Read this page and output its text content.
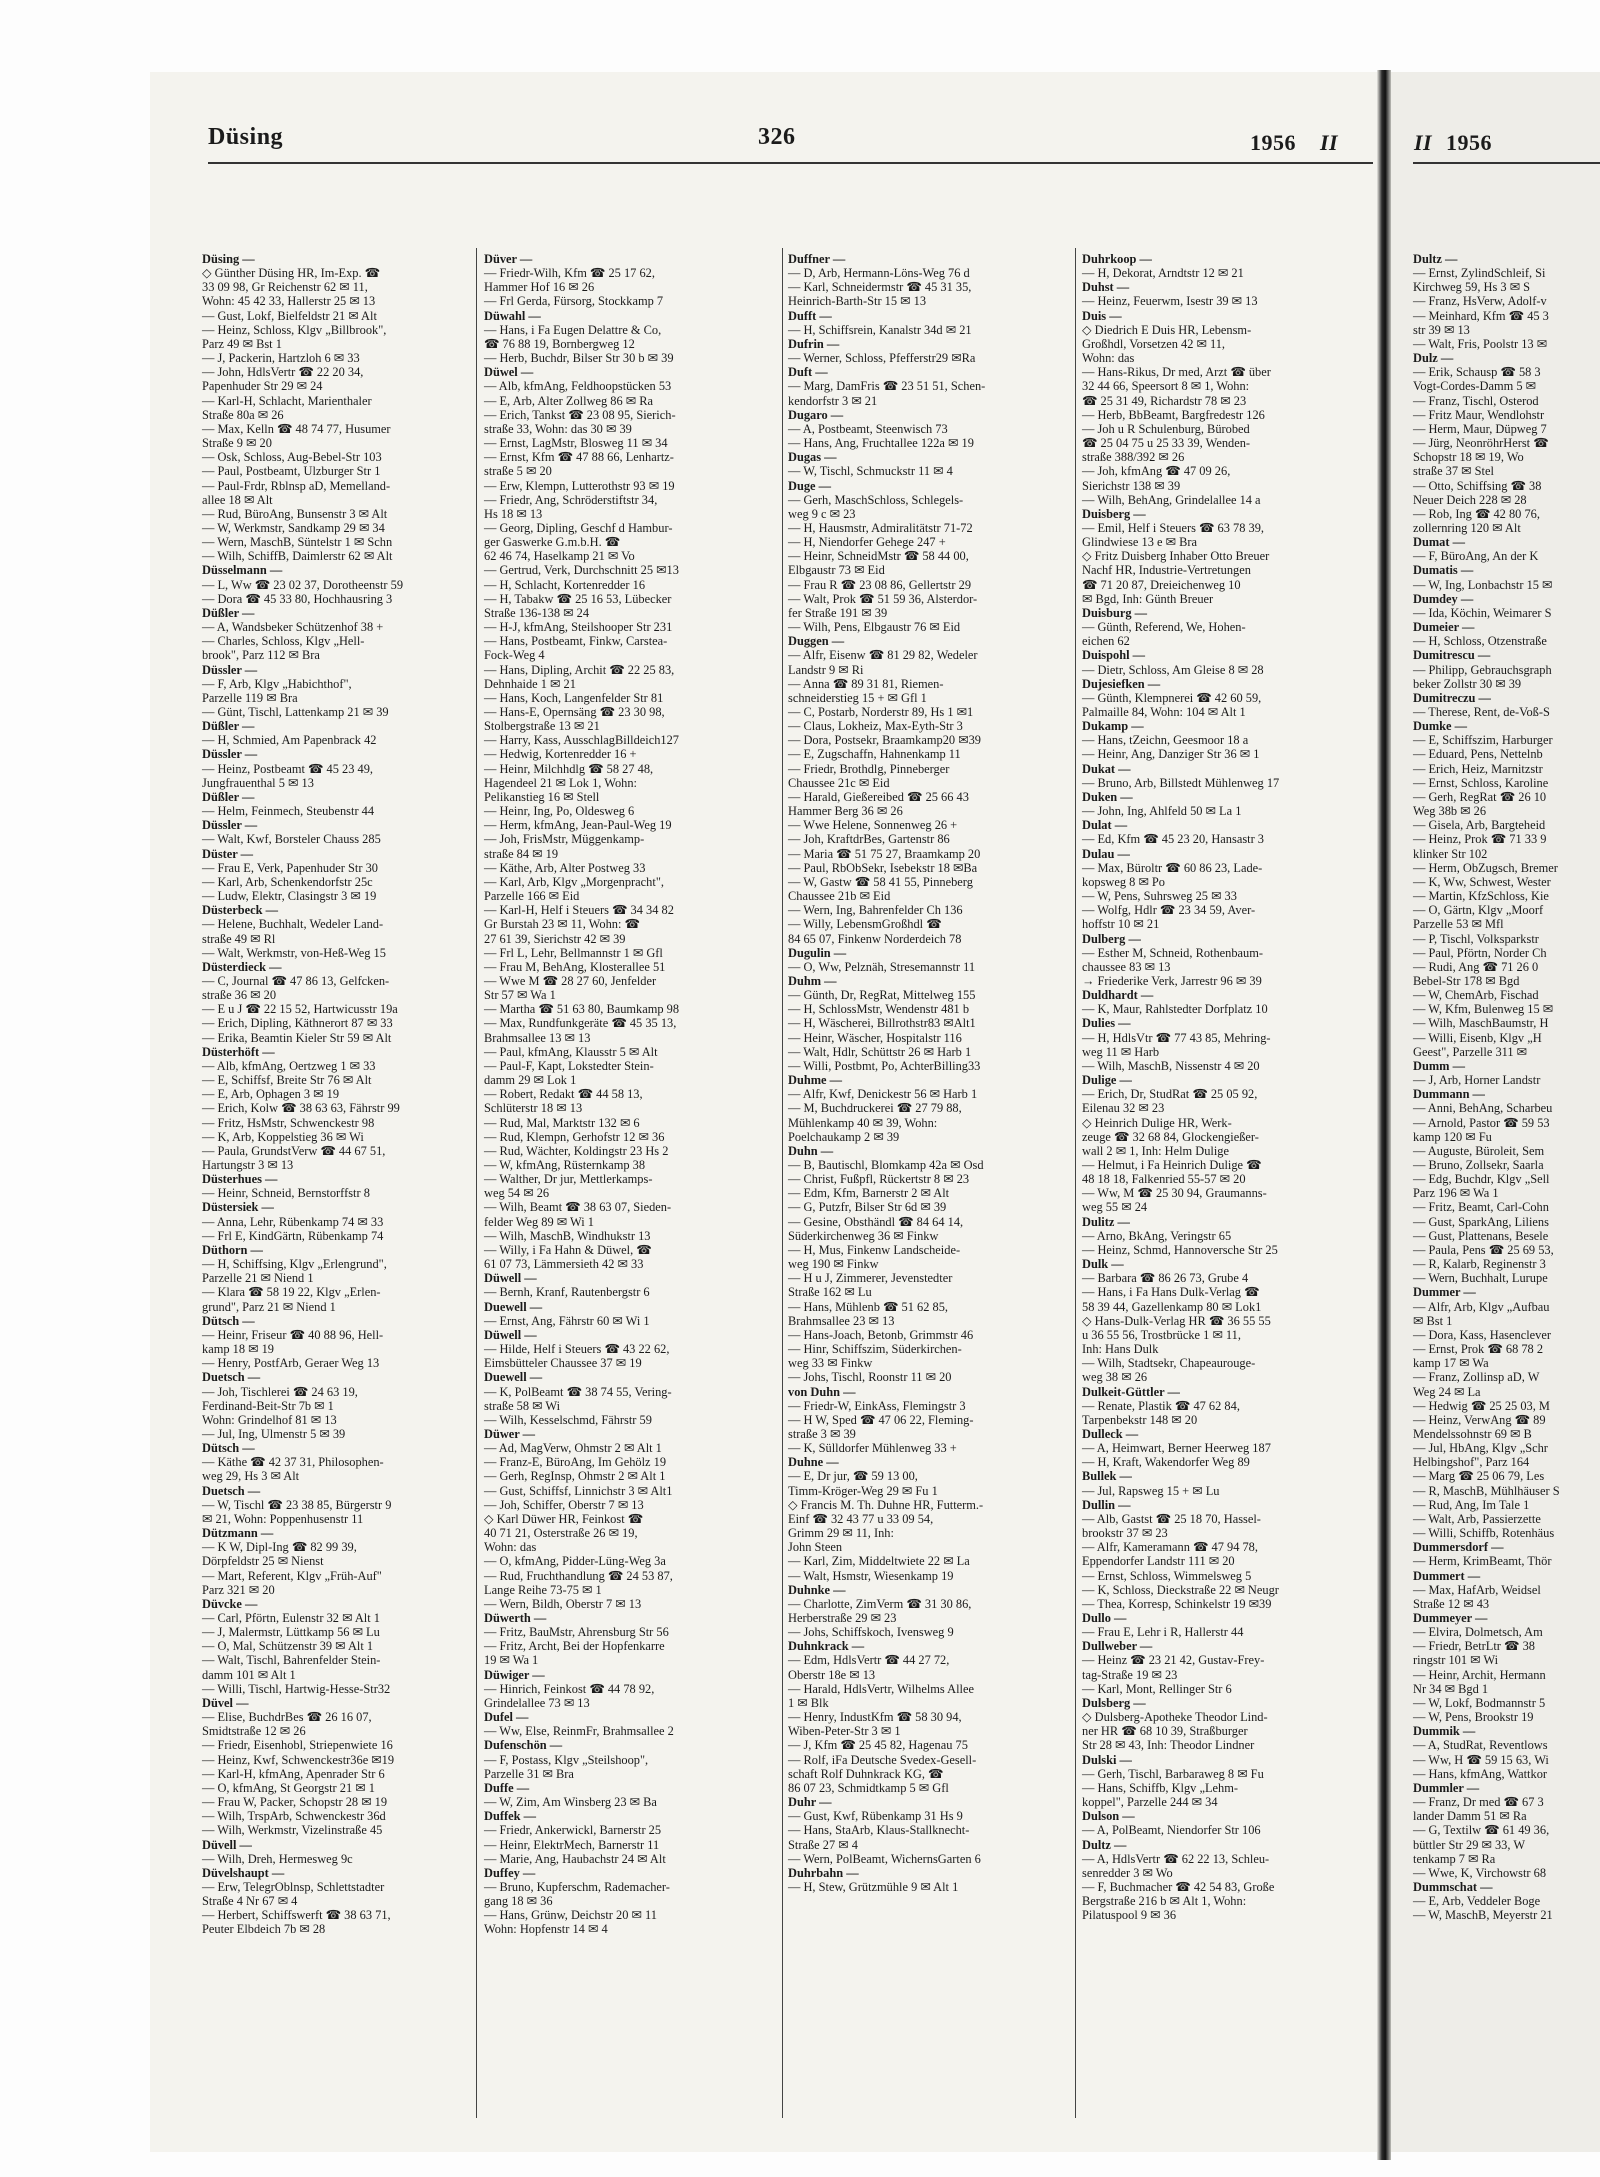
Düsing	326	1956 II
Düsing —
◇ Günther Düsing HR, Im-Exp. ☎
33 09 98, Gr Reichenstr 62 ✉ 11,
Wohn: 45 42 33, Hallerstr 25 ✉ 13
— Gust, Lokf, Bielfeldstr 21 ✉ Alt
— Heinz, Schloss, Klgv „Billbrook",
Parz 49 ✉ Bst 1
— J, Packerin, Hartzloh 6 ✉ 33
— John, HdlsVertr ☎ 22 20 34,
Papenhuder Str 29 ✉ 24
— Karl-H, Schlacht, Marienthaler
Straße 80a ✉ 26
— Max, Kelln ☎ 48 74 77, Husumer
Straße 9 ✉ 20
— Osk, Schloss, Aug-Bebel-Str 103
— Paul, Postbeamt, Ulzburger Str 1
— Paul-Frdr, Rblnsp aD, Memelland-
allee 18 ✉ Alt
— Rud, BüroAng, Bunsenstr 3 ✉ Alt
— W, Werkmstr, Sandkamp 29 ✉ 34
— Wern, MaschB, Süntelstr 1 ✉ Schn
— Wilh, SchiffB, Daimlerstr 62 ✉ Alt
Düsselmann —
— L, Ww ☎ 23 02 37, Dorotheenstr 59
— Dora ☎ 45 33 80, Hochhausring 3
Düßler —
— A, Wandsbeker Schützenhof 38 +
— Charles, Schloss, Klgv „Hell-
brook", Parz 112 ✉ Bra
Düssler —
— F, Arb, Klgv „Habichthof",
Parzelle 119 ✉ Bra
— Günt, Tischl, Lattenkamp 21 ✉ 39
Düßler —
— H, Schmied, Am Papenbrack 42
Düssler —
— Heinz, Postbeamt ☎ 45 23 49,
Jungfrauenthal 5 ✉ 13
Düßler —
— Helm, Feinmech, Steubenstr 44
Düssler —
— Walt, Kwf, Borsteler Chauss 285
Düster —
— Frau E, Verk, Papenhuder Str 30
— Karl, Arb, Schenkendorfstr 25c
— Ludw, Elektr, Clasingstr 3 ✉ 19
Düsterbeck —
— Helene, Buchhalt, Wedeler Land-
straße 49 ✉ Rl
— Walt, Werkmstr, von-Heß-Weg 15
Düsterdieck —
— C, Journal ☎ 47 86 13, Gelfcken-
straße 36 ✉ 20
— E u J ☎ 22 15 52, Hartwicusstr 19a
— Erich, Dipling, Käthnerort 87 ✉ 33
— Erika, Beamtin Kieler Str 59 ✉ Alt
Düsterhöft —
— Alb, kfmAng, Oertzweg 1 ✉ 33
— E, Schiffsf, Breite Str 76 ✉ Alt
— E, Arb, Ophagen 3 ✉ 19
— Erich, Kolw ☎ 38 63 63, Fährstr 99
— Fritz, HsMstr, Schwenckestr 98
— K, Arb, Koppelstieg 36 ✉ Wi
— Paula, GrundstVerw ☎ 44 67 51,
Hartungstr 3 ✉ 13
Düsterhues —
— Heinr, Schneid, Bernstorffstr 8
Düstersiek —
— Anna, Lehr, Rübenkamp 74 ✉ 33
— Frl E, KindGärtn, Rübenkamp 74
Düthorn —
— H, Schiffsing, Klgv „Erlengrund",
Parzelle 21 ✉ Niend 1
— Klara ☎ 58 19 22, Klgv „Erlen-
grund", Parz 21 ✉ Niend 1
Dütsch —
— Heinr, Friseur ☎ 40 88 96, Hell-
kamp 18 ✉ 19
— Henry, PostfArb, Geraer Weg 13
Duetsch —
— Joh, Tischlerei ☎ 24 63 19,
Ferdinand-Beit-Str 7b ✉ 1
Wohn: Grindelhof 81 ✉ 13
— Jul, Ing, Ulmenstr 5 ✉ 39
Dütsch —
— Käthe ☎ 42 37 31, Philosophen-
weg 29, Hs 3 ✉ Alt
Duetsch —
— W, Tischl ☎ 23 38 85, Bürgerstr 9
✉ 21, Wohn: Poppenhusenstr 11
Dützmann —
— K W, Dipl-Ing ☎ 82 99 39,
Dörpfeldstr 25 ✉ Nienst
— Mart, Referent, Klgv „Früh-Auf"
Parz 321 ✉ 20
Düvcke —
— Carl, Pförtn, Eulenstr 32 ✉ Alt 1
— J, Malermstr, Lüttkamp 56 ✉ Lu
— O, Mal, Schützenstr 39 ✉ Alt 1
— Walt, Tischl, Bahrenfelder Stein-
damm 101 ✉ Alt 1
— Willi, Tischl, Hartwig-Hesse-Str32
Düvel —
— Elise, BuchdrBes ☎ 26 16 07,
Smidtstraße 12 ✉ 26
— Friedr, Eisenhobl, Striepenwiete 16
— Heinz, Kwf, Schwenckestr36e ✉19
— Karl-H, kfmAng, Apenrader Str 6
— O, kfmAng, St Georgstr 21 ✉ 1
— Frau W, Packer, Schopstr 28 ✉ 19
— Wilh, TrspArb, Schwenckestr 36d
— Wilh, Werkmstr, Vizelinstraße 45
Düvell —
— Wilh, Dreh, Hermesweg 9c
Düvelshaupt —
— Erw, TelegrOblnsp, Schlettstadter
Straße 4 Nr 67 ✉ 4
— Herbert, Schiffswerft ☎ 38 63 71,
Peuter Elbdeich 7b ✉ 28
Düver —
— Friedr-Wilh, Kfm ☎ 25 17 62,
Hammer Hof 16 ✉ 26
— Frl Gerda, Fürsorg, Stockkamp 7
Düwahl —
— Hans, i Fa Eugen Delattre & Co,
☎ 76 88 19, Bornbergweg 12
— Herb, Buchdr, Bilser Str 30 b ✉ 39
Düwel —
— Alb, kfmAng, Feldhoopstücken 53
— E, Arb, Alter Zollweg 86 ✉ Ra
— Erich, Tankst ☎ 23 08 95, Sierich-
straße 33, Wohn: das 30 ✉ 39
— Ernst, LagMstr, Blosweg 11 ✉ 34
— Ernst, Kfm ☎ 47 88 66, Lenhartz-
straße 5 ✉ 20
— Erw, Klempn, Lutterothstr 93 ✉ 19
— Friedr, Ang, Schröderstiftstr 34,
Hs 18 ✉ 13
— Georg, Dipling, Geschf d Hambur-
ger Gaswerke G.m.b.H. ☎
62 46 74, Haselkamp 21 ✉ Vo
— Gertrud, Verk, Durchschnitt 25 ✉13
— H, Schlacht, Kortenredder 16
— H, Tabakw ☎ 25 16 53, Lübecker
Straße 136-138 ✉ 24
— H-J, kfmAng, Steilshooper Str 231
— Hans, Postbeamt, Finkw, Carstea-
Fock-Weg 4
— Hans, Dipling, Archit ☎ 22 25 83,
Dehnhaide 1 ✉ 21
— Hans, Koch, Langenfelder Str 81
— Hans-E, Opernsäng ☎ 23 30 98,
Stolbergstraße 13 ✉ 21
— Harry, Kass, AusschlagBilldeich127
— Hedwig, Kortenredder 16 +
— Heinr, Milchhdlg ☎ 58 27 48,
Hagendeel 21 ✉ Lok 1, Wohn:
Pelikanstieg 16 ✉ Stell
— Heinr, Ing, Po, Oldesweg 6
— Herm, kfmAng, Jean-Paul-Weg 19
— Joh, FrisMstr, Müggenkamp-
straße 84 ✉ 19
— Käthe, Arb, Alter Postweg 33
— Karl, Arb, Klgv „Morgenpracht",
Parzelle 166 ✉ Eid
— Karl-H, Helf i Steuers ☎ 34 34 82
Gr Burstah 23 ✉ 11, Wohn: ☎
27 61 39, Sierichstr 42 ✉ 39
— Frl L, Lehr, Bellmannstr 1 ✉ Gfl
— Frau M, BehAng, Klosterallee 51
— Wwe M ☎ 28 27 60, Jenfelder
Str 57 ✉ Wa 1
— Martha ☎ 51 63 80, Baumkamp 98
— Max, Rundfunkgeräte ☎ 45 35 13,
Brahmsallee 13 ✉ 13
— Paul, kfmAng, Klausstr 5 ✉ Alt
— Paul-F, Kapt, Lokstedter Stein-
damm 29 ✉ Lok 1
— Robert, Redakt ☎ 44 58 13,
Schlüterstr 18 ✉ 13
— Rud, Mal, Marktstr 132 ✉ 6
— Rud, Klempn, Gerhofstr 12 ✉ 36
— Rud, Wächter, Koldingstr 23 Hs 2
— W, kfmAng, Rüsternkamp 38
— Walther, Dr jur, Mettlerkamps-
weg 54 ✉ 26
— Wilh, Beamt ☎ 38 63 07, Sieden-
felder Weg 89 ✉ Wi 1
— Wilh, MaschB, Windhukstr 13
— Willy, i Fa Hahn & Düwel, ☎
61 07 73, Lämmersieth 42 ✉ 33
Düwell —
— Bernh, Kranf, Rautenbergstr 6
Duewell —
— Ernst, Ang, Fährstr 60 ✉ Wi 1
Düwell —
— Hilde, Helf i Steuers ☎ 43 22 62,
Eimsbütteler Chaussee 37 ✉ 19
Duewell —
— K, PolBeamt ☎ 38 74 55, Vering-
straße 58 ✉ Wi
— Wilh, Kesselschmd, Fährstr 59
Düwer —
— Ad, MagVerw, Ohmstr 2 ✉ Alt 1
— Franz-E, BüroAng, Im Gehölz 19
— Gerh, RegInsp, Ohmstr 2 ✉ Alt 1
— Gust, Schiffsf, Linnichstr 3 ✉ Alt1
— Joh, Schiffer, Oberstr 7 ✉ 13
◇ Karl Düwer HR, Feinkost ☎
40 71 21, Osterstraße 26 ✉ 19,
Wohn: das
— O, kfmAng, Pidder-Lüng-Weg 3a
— Rud, Fruchthandlung ☎ 24 53 87,
Lange Reihe 73-75 ✉ 1
— Wern, Bildh, Oberstr 7 ✉ 13
Düwerth —
— Fritz, BauMstr, Ahrensburg Str 56
— Fritz, Archt, Bei der Hopfenkarre
19 ✉ Wa 1
Düwiger —
— Hinrich, Feinkost ☎ 44 78 92,
Grindelallee 73 ✉ 13
Dufel —
— Ww, Else, ReinmFr, Brahmsallee 2
Dufenschön —
— F, Postass, Klgv „Steilshoop",
Parzelle 31 ✉ Bra
Duffe —
— W, Zim, Am Winsberg 23 ✉ Ba
Duffek —
— Friedr, Ankerwickl, Barnerstr 25
— Heinr, ElektrMech, Barnerstr 11
— Marie, Ang, Haubachstr 24 ✉ Alt
Duffey —
— Bruno, Kupferschm, Rademacher-
gang 18 ✉ 36
— Hans, Grünw, Deichstr 20 ✉ 11
Wohn: Hopfenstr 14 ✉ 4
Duffner —
— D, Arb, Hermann-Löns-Weg 76 d
— Karl, Schneidermstr ☎ 45 31 35,
Heinrich-Barth-Str 15 ✉ 13
Dufft —
— H, Schiffsrein, Kanalstr 34d ✉ 21
Dufrin —
— Werner, Schloss, Pfefferstr29 ✉Ra
Duft —
— Marg, DamFris ☎ 23 51 51, Schen-
kendorfstr 3 ✉ 21
Dugaro —
— A, Postbeamt, Steenwisch 73
— Hans, Ang, Fruchtallee 122a ✉ 19
Dugas —
— W, Tischl, Schmuckstr 11 ✉ 4
Duge —
— Gerh, MaschSchloss, Schlegels-
weg 9 c ✉ 23
— H, Hausmstr, Admiralitätstr 71-72
— H, Niendorfer Gehege 247 +
— Heinr, SchneidMstr ☎ 58 44 00,
Elbgaustr 73 ✉ Eid
— Frau R ☎ 23 08 86, Gellertstr 29
— Walt, Prok ☎ 51 59 36, Alsterdor-
fer Straße 191 ✉ 39
— Wilh, Pens, Elbgaustr 76 ✉ Eid
Duggen —
— Alfr, Eisenw ☎ 81 29 82, Wedeler
Landstr 9 ✉ Ri
— Anna ☎ 89 31 81, Riemen-
schneiderstieg 15 + ✉ Gfl 1
— C, Postarb, Norderstr 89, Hs 1 ✉1
— Claus, Lokheiz, Max-Eyth-Str 3
— Dora, Postsekr, Braamkamp20 ✉39
— E, Zugschaffn, Hahnenkamp 11
— Friedr, Brothdlg, Pinneberger
Chaussee 21c ✉ Eid
— Harald, Gießereibed ☎ 25 66 43
Hammer Berg 36 ✉ 26
— Wwe Helene, Sonnenweg 26 +
— Joh, KraftdrBes, Gartenstr 86
— Maria ☎ 51 75 27, Braamkamp 20
— Paul, RbObSekr, Isebekstr 18 ✉Ba
— W, Gastw ☎ 58 41 55, Pinneberg
Chaussee 21b ✉ Eid
— Wern, Ing, Bahrenfelder Ch 136
— Willy, LebensmGroßhdl ☎
84 65 07, Finkenw Norderdeich 78
Dugulin —
— O, Ww, Pelznäh, Stresemannstr 11
Duhm —
— Günth, Dr, RegRat, Mittelweg 155
— H, SchlossMstr, Wendenstr 481 b
— H, Wäscherei, Billrothstr83 ✉Alt1
— Heinr, Wäscher, Hospitalstr 116
— Walt, Hdlr, Schüttstr 26 ✉ Harb 1
— Willi, Postbmt, Po, AchterBilling33
Duhme —
— Alfr, Kwf, Denickestr 56 ✉ Harb 1
— M, Buchdruckerei ☎ 27 79 88,
Mühlenkamp 40 ✉ 39, Wohn:
Poelchaukamp 2 ✉ 39
Duhn —
— B, Bautischl, Blomkamp 42a ✉ Osd
— Christ, Fußpfl, Rückertstr 8 ✉ 23
— Edm, Kfm, Barnerstr 2 ✉ Alt
— G, Putzfr, Bilser Str 6d ✉ 39
— Gesine, Obsthändl ☎ 84 64 14,
Süderkirchenweg 36 ✉ Finkw
— H, Mus, Finkenw Landscheide-
weg 190 ✉ Finkw
— H u J, Zimmerer, Jevenstedter
Straße 162 ✉ Lu
— Hans, Mühlenb ☎ 51 62 85,
Brahmsallee 23 ✉ 13
— Hans-Joach, Betonb, Grimmstr 46
— Hinr, Schiffszim, Süderkirchen-
weg 33 ✉ Finkw
— Johs, Tischl, Roonstr 11 ✉ 20
von Duhn —
— Friedr-W, EinkAss, Flemingstr 3
— H W, Sped ☎ 47 06 22, Fleming-
straße 3 ✉ 39
— K, Sülldorfer Mühlenweg 33 +
Duhne —
— E, Dr jur, ☎ 59 13 00,
Timm-Kröger-Weg 29 ✉ Fu 1
◇ Francis M. Th. Duhne HR, Futterm.-
Einf ☎ 32 43 77 u 33 09 54,
Grimm 29 ✉ 11, Inh:
John Steen
— Karl, Zim, Middeltwiete 22 ✉ La
— Walt, Hsmstr, Wiesenkamp 19
Duhnke —
— Charlotte, ZimVerm ☎ 31 30 86,
Herberstraße 29 ✉ 23
— Johs, Schiffskoch, Ivensweg 9
Duhnkrack —
— Edm, HdlsVertr ☎ 44 27 72,
Oberstr 18e ✉ 13
— Harald, HdlsVertr, Wilhelms Allee
1 ✉ Blk
— Henry, IndustKfm ☎ 58 30 94,
Wiben-Peter-Str 3 ✉ 1
— J, Kfm ☎ 25 45 82, Hagenau 75
— Rolf, iFa Deutsche Svedex-Gesell-
schaft Rolf Duhnkrack KG, ☎
86 07 23, Schmidtkamp 5 ✉ Gfl
Duhr —
— Gust, Kwf, Rübenkamp 31 Hs 9
— Hans, StaArb, Klaus-Stallknecht-
Straße 27 ✉ 4
— Wern, PolBeamt, WichernsGarten 6
Duhrbahn —
— H, Stew, Grützmühle 9 ✉ Alt 1
Duhrkoop —
— H, Dekorat, Arndtstr 12 ✉ 21
Duhst —
— Heinz, Feuerwm, Isestr 39 ✉ 13
Duis —
◇ Diedrich E Duis HR, Lebensm-
Großhdl, Vorsetzen 42 ✉ 11,
Wohn: das
— Hans-Rikus, Dr med, Arzt ☎ über
32 44 66, Speersort 8 ✉ 1, Wohn:
☎ 25 31 49, Richardstr 78 ✉ 23
— Herb, BbBeamt, Bargfredestr 126
— Joh u R Schulenburg, Bürobed
☎ 25 04 75 u 25 33 39, Wenden-
straße 388/392 ✉ 26
— Joh, kfmAng ☎ 47 09 26,
Sierichstr 138 ✉ 39
— Wilh, BehAng, Grindelallee 14 a
Duisberg —
— Emil, Helf i Steuers ☎ 63 78 39,
Glindwiese 13 e ✉ Bra
◇ Fritz Duisberg Inhaber Otto Breuer
Nachf HR, Industrie-Vertretungen
☎ 71 20 87, Dreieichenweg 10
✉ Bgd, Inh: Günth Breuer
Duisburg —
— Günth, Referend, We, Hohen-
eichen 62
Duispohl —
— Dietr, Schloss, Am Gleise 8 ✉ 28
Dujesiefken —
— Günth, Klempnerei ☎ 42 60 59,
Palmaille 84, Wohn: 104 ✉ Alt 1
Dukamp —
— Hans, tZeichn, Geesmoor 18 a
— Heinr, Ang, Danziger Str 36 ✉ 1
Dukat —
— Bruno, Arb, Billstedt Mühlenweg 17
Duken —
— John, Ing, Ahlfeld 50 ✉ La 1
Dulat —
— Ed, Kfm ☎ 45 23 20, Hansastr 3
Dulau —
— Max, Büroltr ☎ 60 86 23, Lade-
kopsweg 8 ✉ Po
— W, Pens, Suhrsweg 25 ✉ 33
— Wolfg, Hdlr ☎ 23 34 59, Aver-
hoffstr 10 ✉ 21
Dulberg —
— Esther M, Schneid, Rothenbaum-
chaussee 83 ✉ 13
→ Friederike Verk, Jarrestr 96 ✉ 39
Duldhardt —
— K, Maur, Rahlstedter Dorfplatz 10
Dulies —
— H, HdlsVtr ☎ 77 43 85, Mehring-
weg 11 ✉ Harb
— Wilh, MaschB, Nissenstr 4 ✉ 20
Dulige —
— Erich, Dr, StudRat ☎ 25 05 92,
Eilenau 32 ✉ 23
◇ Heinrich Dulige HR, Werk-
zeuge ☎ 32 68 84, Glockengießer-
wall 2 ✉ 1, Inh: Helm Dulige
— Helmut, i Fa Heinrich Dulige ☎
48 18 18, Falkenried 55-57 ✉ 20
— Ww, M ☎ 25 30 94, Graumanns-
weg 55 ✉ 24
Dulitz —
— Arno, BkAng, Veringstr 65
— Heinz, Schmd, Hannoversche Str 25
Dulk —
— Barbara ☎ 86 26 73, Grube 4
— Hans, i Fa Hans Dulk-Verlag ☎
58 39 44, Gazellenkamp 80 ✉ Lok1
◇ Hans-Dulk-Verlag HR ☎ 36 55 55
u 36 55 56, Trostbrücke 1 ✉ 11,
Inh: Hans Dulk
— Wilh, Stadtsekr, Chapeaurouge-
weg 38 ✉ 26
Dulkeit-Güttler —
— Renate, Plastik ☎ 47 62 84,
Tarpenbekstr 148 ✉ 20
Dulleck —
— A, Heimwart, Berner Heerweg 187
— H, Kraft, Wakendorfer Weg 89
Bullek —
— Jul, Rapsweg 15 + ✉ Lu
Dullin —
— Alb, Gastst ☎ 25 18 70, Hassel-
brookstr 37 ✉ 23
— Alfr, Kameramann ☎ 47 94 78,
Eppendorfer Landstr 111 ✉ 20
— Ernst, Schloss, Wimmelsweg 5
— K, Schloss, Dieckstraße 22 ✉ Neugr
— Thea, Korresp, Schinkelstr 19 ✉39
Dullo —
— Frau E, Lehr i R, Hallerstr 44
Dullweber —
— Heinz ☎ 23 21 42, Gustav-Frey-
tag-Straße 19 ✉ 23
— Karl, Mont, Rellinger Str 6
Dulsberg —
◇ Dulsberg-Apotheke Theodor Lind-
ner HR ☎ 68 10 39, Straßburger
Str 28 ✉ 43, Inh: Theodor Lindner
Dulski —
— Gerh, Tischl, Barbaraweg 8 ✉ Fu
— Hans, Schiffb, Klgv „Lehm-
koppel", Parzelle 244 ✉ 34
Dulson —
— A, PolBeamt, Niendorfer Str 106
Dultz —
— A, HdlsVertr ☎ 62 22 13, Schleu-
senredder 3 ✉ Wo
— F, Buchmacher ☎ 42 54 83, Große
Bergstraße 216 b ✉ Alt 1, Wohn:
Pilatuspool 9 ✉ 36
II 1956
Dultz —
— Ernst, ZylindSchleif, Si
Kirchweg 59, Hs 3 ✉ S
— Franz, HsVerw, Adolf-v
— Meinhard, Kfm ☎ 45 3
str 39 ✉ 13
— Walt, Fris, Poolstr 13 ✉
Dulz —
— Erik, Schausp ☎ 58 3
Vogt-Cordes-Damm 5 ✉
— Franz, Tischl, Osterod
— Fritz Maur, Wendlohstr
— Herm, Maur, Düpweg 7
— Jürg, NeonröhrHerst ☎
Schopstr 18 ✉ 19, Wo
straße 37 ✉ Stel
— Otto, Schiffsing ☎ 38
Neuer Deich 228 ✉ 28
— Rob, Ing ☎ 42 80 76,
zollernring 120 ✉ Alt
Dumat —
— F, BüroAng, An der K
Dumatis —
— W, Ing, Lonbachstr 15 ✉
Dumdey —
— Ida, Köchin, Weimarer S
Dumeier —
— H, Schloss, Otzenstraße
Dumitrescu —
— Philipp, Gebrauchsgraph
beker Zollstr 30 ✉ 39
Dumitreczu —
— Therese, Rent, de-Voß-S
Dumke —
— E, Schiffszim, Harburger
— Eduard, Pens, Nettelnb
— Erich, Heiz, Marnitzstr
— Ernst, Schloss, Karoline
— Gerh, RegRat ☎ 26 10
Weg 38b ✉ 26
— Gisela, Arb, Bargteheid
— Heinz, Prok ☎ 71 33 9
klinker Str 102
— Herm, ObZugsch, Bremer
— K, Ww, Schwest, Wester
— Martin, KfzSchloss, Kie
— O, Gärtn, Klgv „Moorf
Parzelle 53 ✉ Mfl
— P, Tischl, Volksparkstr
— Paul, Pförtn, Norder Ch
— Rudi, Ang ☎ 71 26 0
Bebel-Str 178 ✉ Bgd
— W, ChemArb, Fischad
— W, Kfm, Bulenweg 15 ✉
— Wilh, MaschBaumstr, H
— Willi, Eisenb, Klgv „H
Geest", Parzelle 311 ✉
Dumm —
— J, Arb, Horner Landstr
Dummann —
— Anni, BehAng, Scharbeu
— Arnold, Pastor ☎ 59 53
kamp 120 ✉ Fu
— Auguste, Büroleit, Sem
— Bruno, Zollsekr, Saarla
— Edg, Buchdr, Klgv „Sell
Parz 196 ✉ Wa 1
— Fritz, Beamt, Carl-Cohn
— Gust, SparkAng, Liliens
— Gust, Plattenans, Besele
— Paula, Pens ☎ 25 69 53,
— R, Kalarb, Reginenstr 3
— Wern, Buchhalt, Lurupe
Dummer —
— Alfr, Arb, Klgv „Aufbau
✉ Bst 1
— Dora, Kass, Hasenclever
— Ernst, Prok ☎ 68 78 2
kamp 17 ✉ Wa
— Franz, Zollinsp aD, W
Weg 24 ✉ La
— Hedwig ☎ 25 25 03, M
— Heinz, VerwAng ☎ 89
Mendelssohnstr 69 ✉ B
— Jul, HbAng, Klgv „Schr
Helbingshof", Parz 164
— Marg ☎ 25 06 79, Les
— R, MaschB, Mühlhäuser S
— Rud, Ang, Im Tale 1
— Walt, Arb, Passierzette
— Willi, Schiffb, Rotenhäus
Dummersdorf —
— Herm, KrimBeamt, Thör
Dummert —
— Max, HafArb, Weidsel
Straße 12 ✉ 43
Dummeyer —
— Elvira, Dolmetsch, Am
— Friedr, BetrLtr ☎ 38
ringstr 101 ✉ Wi
— Heinr, Archit, Hermann
Nr 34 ✉ Bgd 1
— W, Lokf, Bodmannstr 5
— W, Pens, Brookstr 19
Dummik —
— A, StudRat, Reventlows
— Ww, H ☎ 59 15 63, Wi
— Hans, kfmAng, Wattkor
Dummler —
— Franz, Dr med ☎ 67 3
lander Damm 51 ✉ Ra
— G, Textilw ☎ 61 49 36,
büttler Str 29 ✉ 33, W
tenkamp 7 ✉ Ra
— Wwe, K, Virchowstr 68
Dummschat —
— E, Arb, Veddeler Boge
— W, MaschB, Meyerstr 21
